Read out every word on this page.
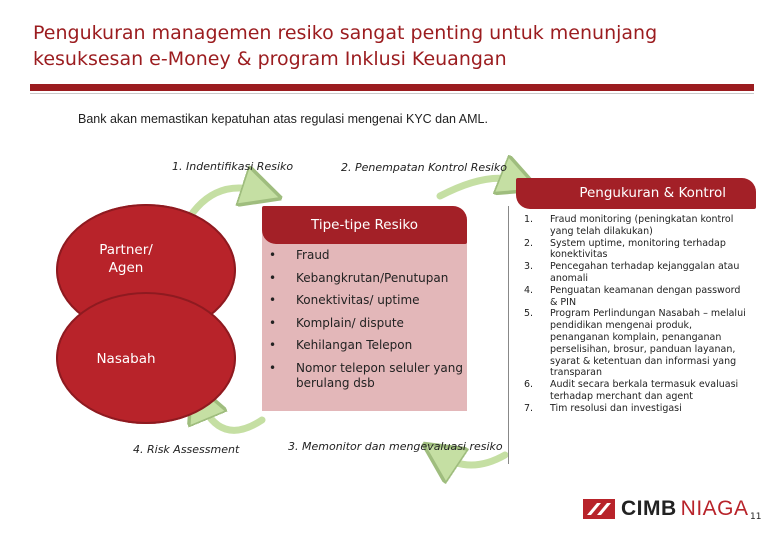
Pengukuran managemen resiko sangat penting untuk menunjang kesuksesan e-Money & program Inklusi Keuangan
Bank akan memastikan kepatuhan atas regulasi mengenai KYC dan AML.
1. Indentifikasi Resiko	2. Penempatan Kontrol Resiko
3. Memonitor dan mengevaluasi resiko
4. Risk Assessment
Partner/
Agen
Nasabah
Tipe-tipe Resiko
• Fraud
• Kebangkrutan/Penutupan
• Konektivitas/ uptime
• Komplain/ dispute
• Kehilangan Telepon
• Nomor telepon seluler yang berulang dsb
Pengukuran & Kontrol
1.	Fraud monitoring (peningkatan kontrol yang telah dilakukan)
2.	System uptime, monitoring terhadap konektivitas
3.	Pencegahan terhadap kejanggalan atau anomali
4.	Penguatan keamanan dengan password & PIN
5.	Program Perlindungan Nasabah – melalui pendidikan mengenai produk, penanganan komplain, penanganan perselisihan, brosur, panduan layanan, syarat & ketentuan dan informasi yang transparan
6.	Audit secara berkala termasuk evaluasi terhadap merchant dan agent
7.	Tim resolusi dan investigasi
CIMB NIAGA 11
